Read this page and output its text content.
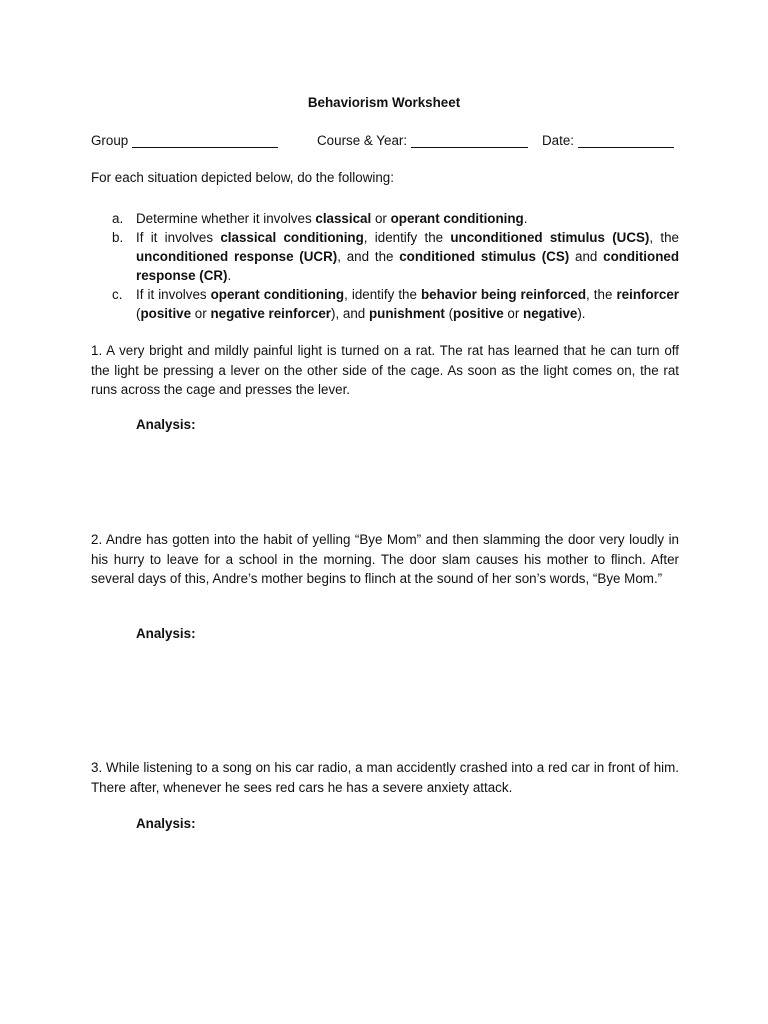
Behaviorism Worksheet
Group	Course & Year:	Date:
For each situation depicted below, do the following:
a. Determine whether it involves classical or operant conditioning.
b. If it involves classical conditioning, identify the unconditioned stimulus (UCS), the unconditioned response (UCR), and the conditioned stimulus (CS) and conditioned response (CR).
c. If it involves operant conditioning, identify the behavior being reinforced, the reinforcer (positive or negative reinforcer), and punishment (positive or negative).
1. A very bright and mildly painful light is turned on a rat. The rat has learned that he can turn off the light be pressing a lever on the other side of the cage. As soon as the light comes on, the rat runs across the cage and presses the lever.
Analysis:
2. Andre has gotten into the habit of yelling “Bye Mom” and then slamming the door very loudly in his hurry to leave for a school in the morning. The door slam causes his mother to flinch. After several days of this, Andre’s mother begins to flinch at the sound of her son’s words, “Bye Mom.”
Analysis:
3. While listening to a song on his car radio, a man accidently crashed into a red car in front of him. There after, whenever he sees red cars he has a severe anxiety attack.
Analysis:
